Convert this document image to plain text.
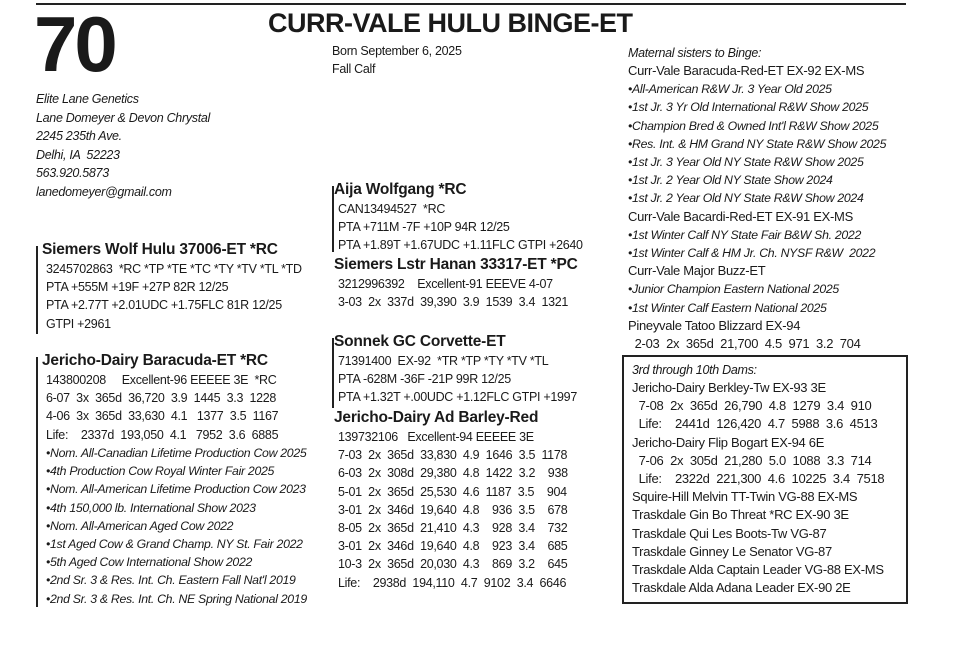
70	CURR-VALE HULU BINGE-ET
Born September 6, 2025
Fall Calf
Elite Lane Genetics
Lane Domeyer & Devon Chrystal
2245 235th Ave.
Delhi, IA  52223
563.920.5873
lanedomeyer@gmail.com
Siemers Wolf Hulu 37006-ET *RC
3245702863  *RC *TP *TE *TC *TY *TV *TL *TD
PTA +555M +19F +27P 82R 12/25
PTA +2.77T +2.01UDC +1.75FLC 81R 12/25
GTPI +2961
Jericho-Dairy Baracuda-ET *RC
143800208     Excellent-96 EEEEE 3E  *RC
6-07  3x  365d  36,720  3.9  1445  3.3  1228
4-06  3x  365d  33,630  4.1   1377  3.5  1167
Life:    2337d  193,050  4.1   7952  3.6  6885
•Nom. All-Canadian Lifetime Production Cow 2025
•4th Production Cow Royal Winter Fair 2025
•Nom. All-American Lifetime Production Cow 2023
•4th 150,000 lb. International Show 2023
•Nom. All-American Aged Cow 2022
•1st Aged Cow & Grand Champ. NY St. Fair 2022
•5th Aged Cow International Show 2022
•2nd Sr. 3 & Res. Int. Ch. Eastern Fall Nat'l 2019
•2nd Sr. 3 & Res. Int. Ch. NE Spring National 2019
Aija Wolfgang *RC
CAN13494527  *RC
PTA +711M -7F +10P 94R 12/25
PTA +1.89T +1.67UDC +1.11FLC GTPI +2640
Siemers Lstr Hanan 33317-ET *PC
3212996392    Excellent-91 EEEVE 4-07
3-03  2x  337d  39,390  3.9  1539  3.4  1321
Sonnek GC Corvette-ET
71391400  EX-92  *TR *TP *TY *TV *TL
PTA -628M -36F -21P 99R 12/25
PTA +1.32T +.00UDC +1.12FLC GTPI +1997
Jericho-Dairy Ad Barley-Red
139732106   Excellent-94 EEEEE 3E
7-03  2x  365d  33,830  4.9  1646  3.5  1178
6-03  2x  308d  29,380  4.8  1422  3.2    938
5-01  2x  365d  25,530  4.6  1187  3.5    904
3-01  2x  346d  19,640  4.8    936  3.5    678
8-05  2x  365d  21,410  4.3    928  3.4    732
3-01  2x  346d  19,640  4.8    923  3.4    685
10-3  2x  365d  20,030  4.3    869  3.2    645
Life:    2938d  194,110  4.7  9102  3.4  6646
Maternal sisters to Binge:
Curr-Vale Baracuda-Red-ET EX-92 EX-MS
•All-American R&W Jr. 3 Year Old 2025
•1st Jr. 3 Yr Old International R&W Show 2025
•Champion Bred & Owned Int'l R&W Show 2025
•Res. Int. & HM Grand NY State R&W Show 2025
•1st Jr. 3 Year Old NY State R&W Show 2025
•1st Jr. 2 Year Old NY State Show 2024
•1st Jr. 2 Year Old NY State R&W Show 2024
Curr-Vale Bacardi-Red-ET EX-91 EX-MS
•1st Winter Calf NY State Fair B&W Sh. 2022
•1st Winter Calf & HM Jr. Ch. NYSF R&W  2022
Curr-Vale Major Buzz-ET
•Junior Champion Eastern National 2025
•1st Winter Calf Eastern National 2025
Pineyvale Tatoo Blizzard EX-94
2-03  2x  365d  21,700  4.5  971  3.2  704
3rd through 10th Dams:
Jericho-Dairy Berkley-Tw EX-93 3E
7-08  2x  365d  26,790  4.8  1279  3.4  910
Life:    2441d  126,420  4.7  5988  3.6  4513
Jericho-Dairy Flip Bogart EX-94 6E
7-06  2x  305d  21,280  5.0  1088  3.3  714
Life:    2322d  221,300  4.6  10225  3.4  7518
Squire-Hill Melvin TT-Twin VG-88 EX-MS
Traskdale Gin Bo Threat *RC EX-90 3E
Traskdale Qui Les Boots-Tw VG-87
Traskdale Ginney Le Senator VG-87
Traskdale Alda Captain Leader VG-88 EX-MS
Traskdale Alda Adana Leader EX-90 2E
